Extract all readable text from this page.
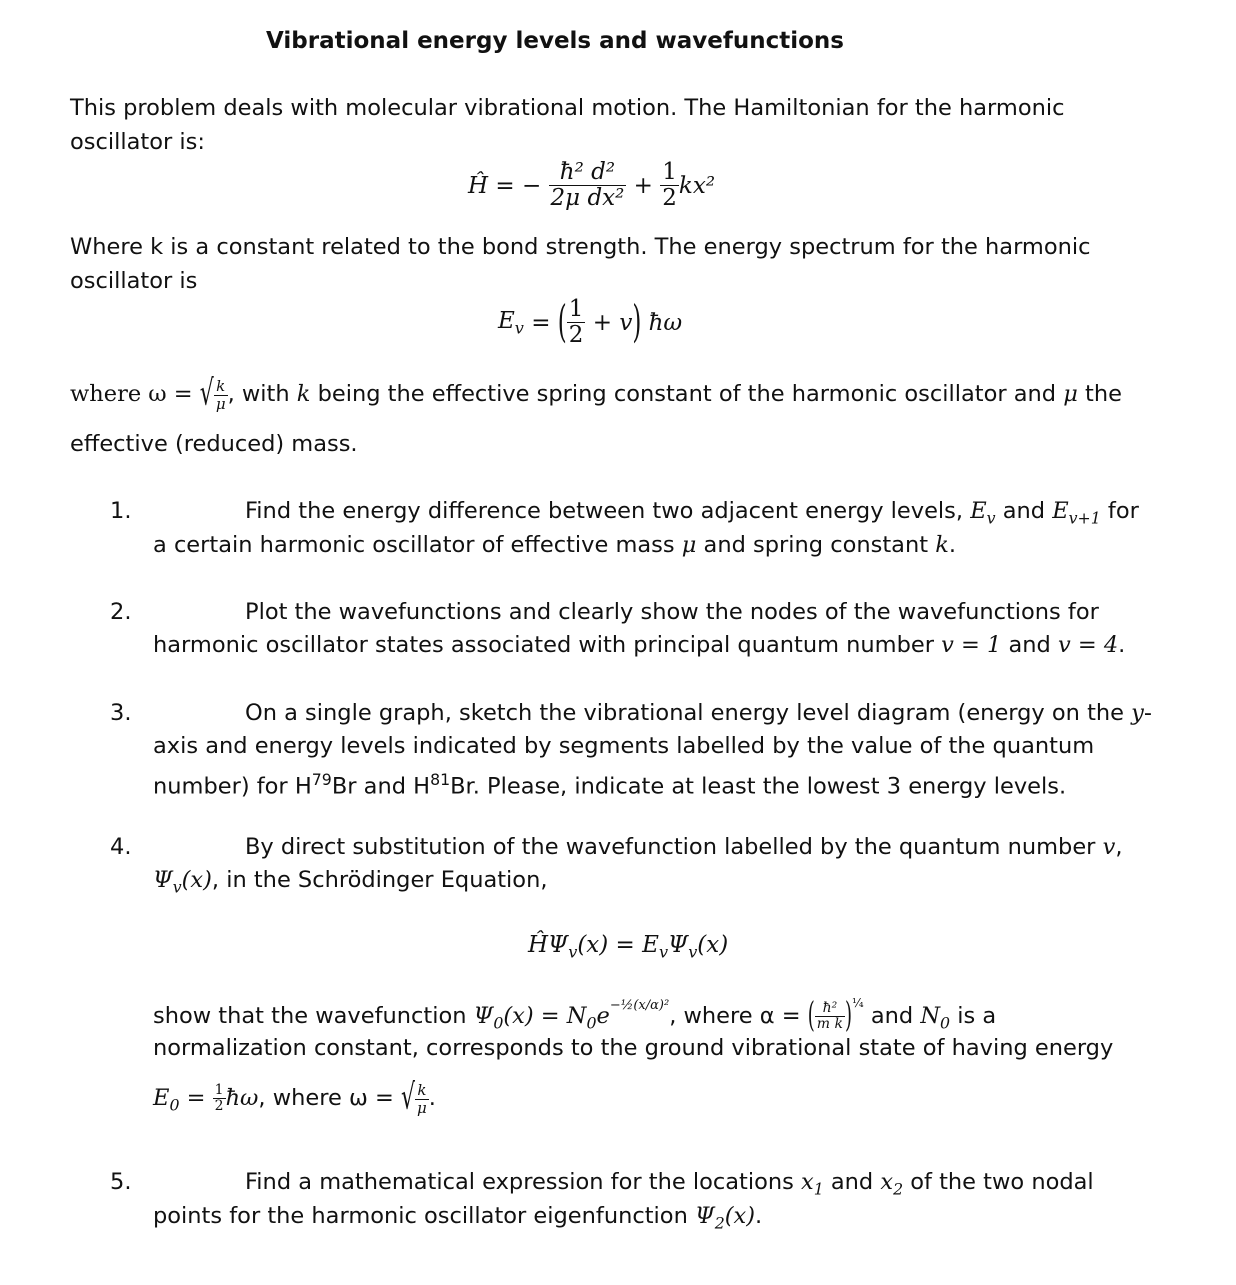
Vibrational energy levels and wavefunctions
This problem deals with molecular vibrational motion. The Hamiltonian for the harmonic
oscillator is:
Ĥ = − $\frac{\text{ħ² d²}}{\text{2μ dx²}} + \frac{1}{2} kx^2$
Where k is a constant related to the bond strength. The energy spectrum for the harmonic
oscillator is
$E_v$ = ( $\frac{1}{2} + v$) ħω
where ω = √ $\frac{k}{\mu}$ , with k being the effective spring constant of the harmonic oscillator and μ the
effective (reduced) mass.
1.	Find the energy difference between two adjacent energy levels, $E_v$ and $E_{v+1}$ for
a certain harmonic oscillator of effective mass μ and spring constant k.
2.	Plot the wavefunctions and clearly show the nodes of the wavefunctions for
harmonic oscillator states associated with principal quantum number v = 1 and v = 4.
3.	On a single graph, sketch the vibrational energy level diagram (energy on the y-
axis and energy levels indicated by segments labelled by the value of the quantum
number) for $H^{79}Br$ and $H^{81}Br$. Please, indicate at least the lowest 3 energy levels.
4.	By direct substitution of the wavefunction labelled by the quantum number v,
$\Psi_v(x)$, in the Schrödinger Equation,
$Ĥ\Psi_v(x) = E_v\Psi_v(x)$
show that the wavefunction $\Psi_0(x) = N_0e^{-\frac{1}{2}(x/\alpha)^2}$, where α = ( $\frac{\text{ħ²}}{\text{m k}} )^{\frac{1}{4}}$ and $N_0$ is a
normalization constant, corresponds to the ground vibrational state of having energy
$E_0 = \frac{1}{2}$ ħω, where ω = √ $\frac{k}{\mu}$ .
5.	Find a mathematical expression for the locations $x_1$ and $x_2$ of the two nodal
points for the harmonic oscillator eigenfunction $\Psi_2(x)$.
